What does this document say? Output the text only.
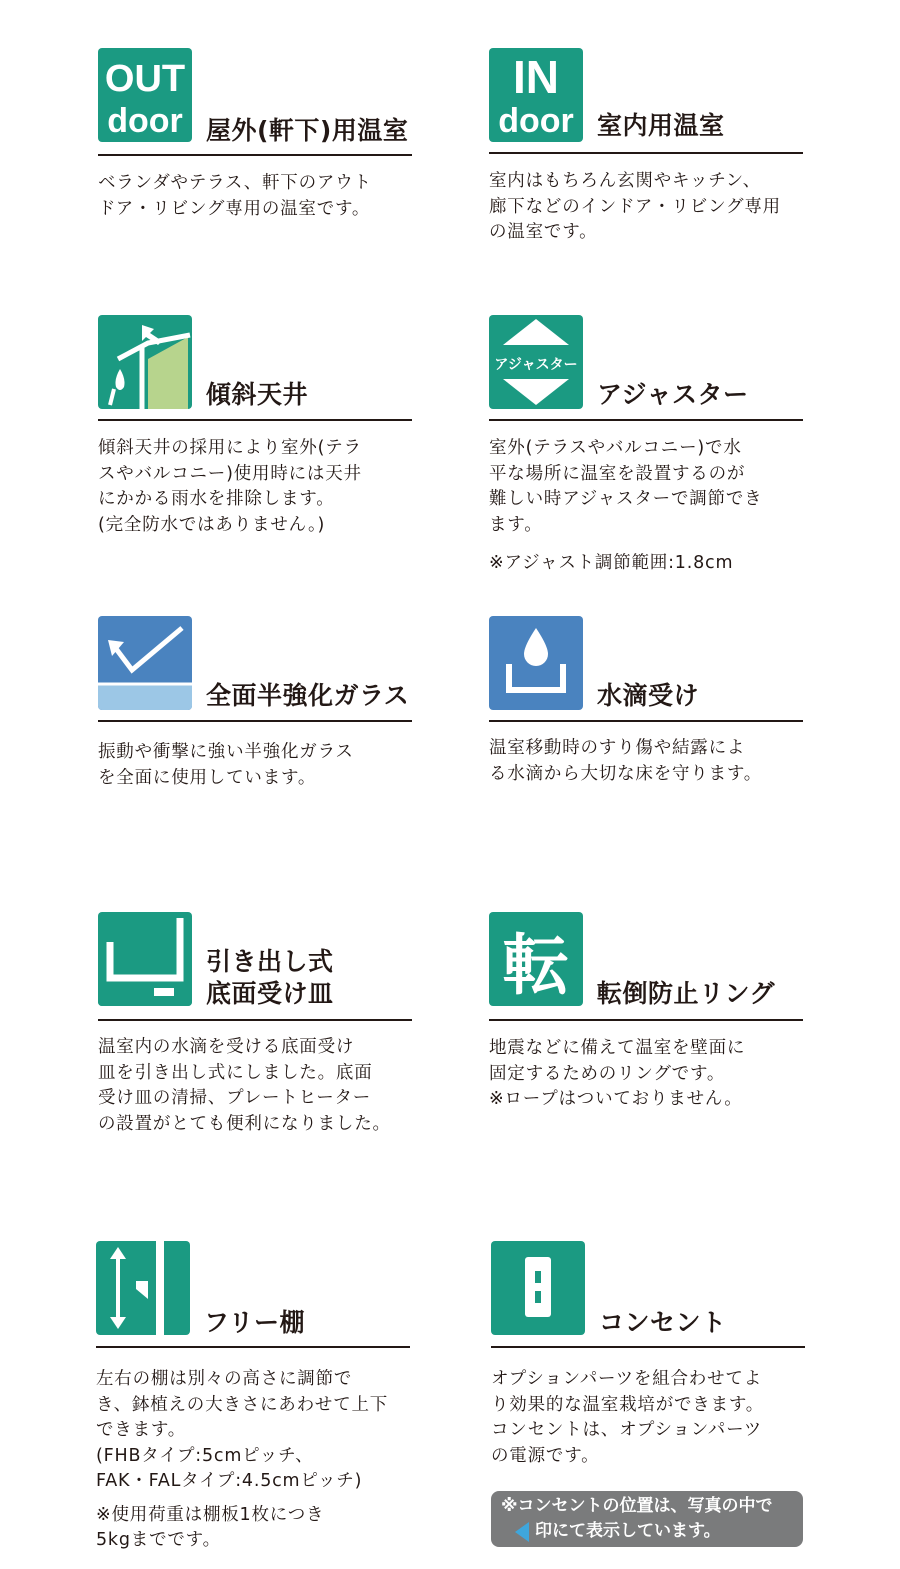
OUT
door 屋外(軒下)用温室
ベランダやテラス、軒下のアウト
ドア・リビング専用の温室です。
IN
door 室内用温室
室内はもちろん玄関やキッチン、
廊下などのインドア・リビング専用
の温室です。
傾斜天井
傾斜天井の採用により室外(テラ
スやバルコニー)使用時には天井
にかかる雨水を排除します。
(完全防水ではありません。)
アジャスター
アジャスター
室外(テラスやバルコニー)で水
平な場所に温室を設置するのが
難しい時アジャスターで調節でき
ます。
※アジャスト調節範囲:1.8cm
全面半強化ガラス
振動や衝撃に強い半強化ガラス
を全面に使用しています。
水滴受け
温室移動時のすり傷や結露によ
る水滴から大切な床を守ります。
引き出し式
底面受け皿
温室内の水滴を受ける底面受け
皿を引き出し式にしました。底面
受け皿の清掃、プレートヒーター
の設置がとても便利になりました。
転 転倒防止リング
地震などに備えて温室を壁面に
固定するためのリングです。
※ロープはついておりません。
フリー棚
左右の棚は別々の高さに調節で
き、鉢植えの大きさにあわせて上下
できます。
(FHBタイプ:5cmピッチ、
FAK・FALタイプ:4.5cmピッチ)
※使用荷重は棚板1枚につき
5kgまでです。
コンセント
オプションパーツを組合わせてよ
り効果的な温室栽培ができます。
コンセントは、オプションパーツ
の電源です。
※コンセントの位置は、写真の中で
印にて表示しています。
